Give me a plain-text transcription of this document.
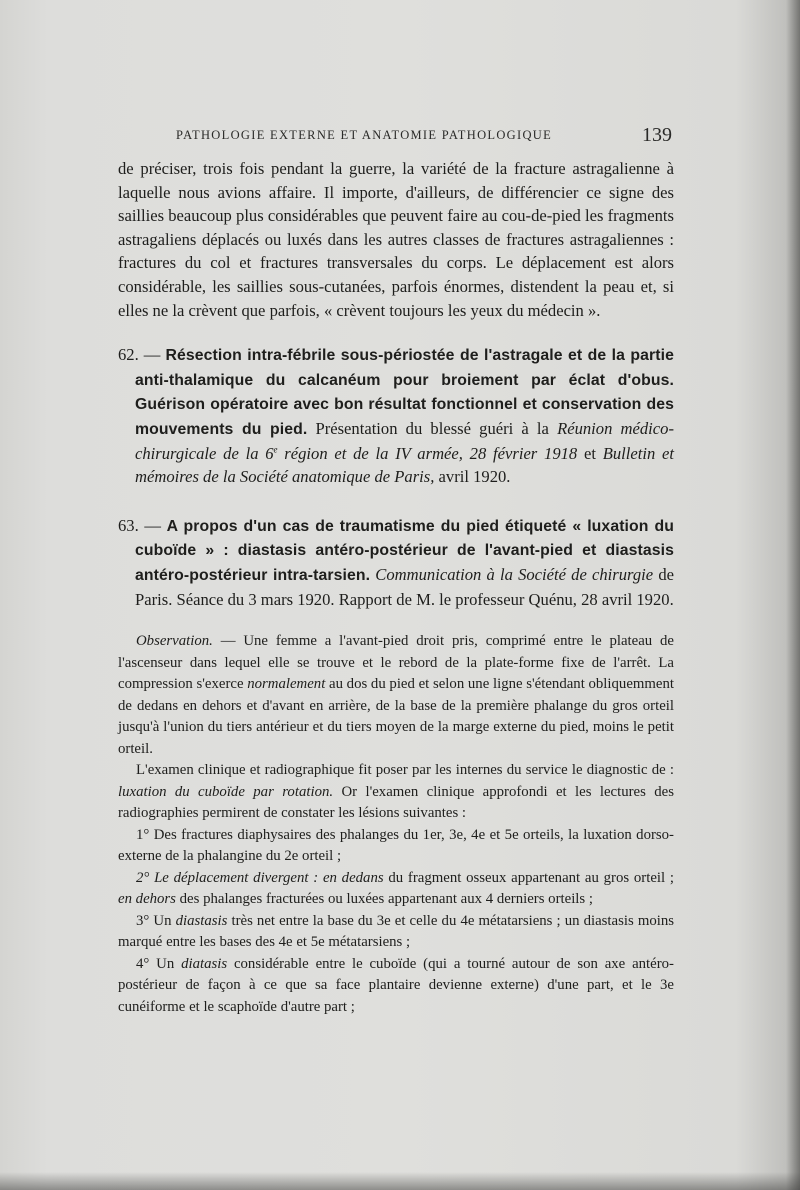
PATHOLOGIE EXTERNE ET ANATOMIE PATHOLOGIQUE	139

de préciser, trois fois pendant la guerre, la variété de la fracture astragalienne à laquelle nous avions affaire. Il importe, d'ailleurs, de différencier ce signe des saillies beaucoup plus considérables que peuvent faire au cou-de-pied les fragments astragaliens déplacés ou luxés dans les autres classes de fractures astragaliennes : fractures du col et fractures transversales du corps. Le déplacement est alors considérable, les saillies sous-cutanées, parfois énormes, distendent la peau et, si elles ne la crèvent que parfois, « crèvent toujours les yeux du médecin ».

62. — Résection intra-fébrile sous-périostée de l'astragale et de la partie anti-thalamique du calcanéum pour broiement par éclat d'obus. Guérison opératoire avec bon résultat fonctionnel et conservation des mouvements du pied. Présentation du blessé guéri à la Réunion médico-chirurgicale de la 6e région et de la IV armée, 28 février 1918 et Bulletin et mémoires de la Société anatomique de Paris, avril 1920.

63. — A propos d'un cas de traumatisme du pied étiqueté « luxation du cuboïde » : diastasis antéro-postérieur de l'avant-pied et diastasis antéro-postérieur intra-tarsien. Communication à la Société de chirurgie de Paris. Séance du 3 mars 1920. Rapport de M. le professeur Quénu, 28 avril 1920.

Observation. — Une femme a l'avant-pied droit pris, comprimé entre le plateau de l'ascenseur dans lequel elle se trouve et le rebord de la plate-forme fixe de l'arrêt. La compression s'exerce normalement au dos du pied et selon une ligne s'étendant obliquemment de dedans en dehors et d'avant en arrière, de la base de la première phalange du gros orteil jusqu'à l'union du tiers antérieur et du tiers moyen de la marge externe du pied, moins le petit orteil.

L'examen clinique et radiographique fit poser par les internes du service le diagnostic de : luxation du cuboïde par rotation. Or l'examen clinique approfondi et les lectures des radiographies permirent de constater les lésions suivantes :

1° Des fractures diaphysaires des phalanges du 1er, 3e, 4e et 5e orteils, la luxation dorso-externe de la phalangine du 2e orteil ;

2° Le déplacement divergent : en dedans du fragment osseux appartenant au gros orteil ; en dehors des phalanges fracturées ou luxées appartenant aux 4 derniers orteils ;

3° Un diastasis très net entre la base du 3e et celle du 4e métatarsiens ; un diastasis moins marqué entre les bases des 4e et 5e métatarsiens ;

4° Un diatasis considérable entre le cuboïde (qui a tourné autour de son axe antéro-postérieur de façon à ce que sa face plantaire devienne externe) d'une part, et le 3e cunéiforme et le scaphoïde d'autre part ;
